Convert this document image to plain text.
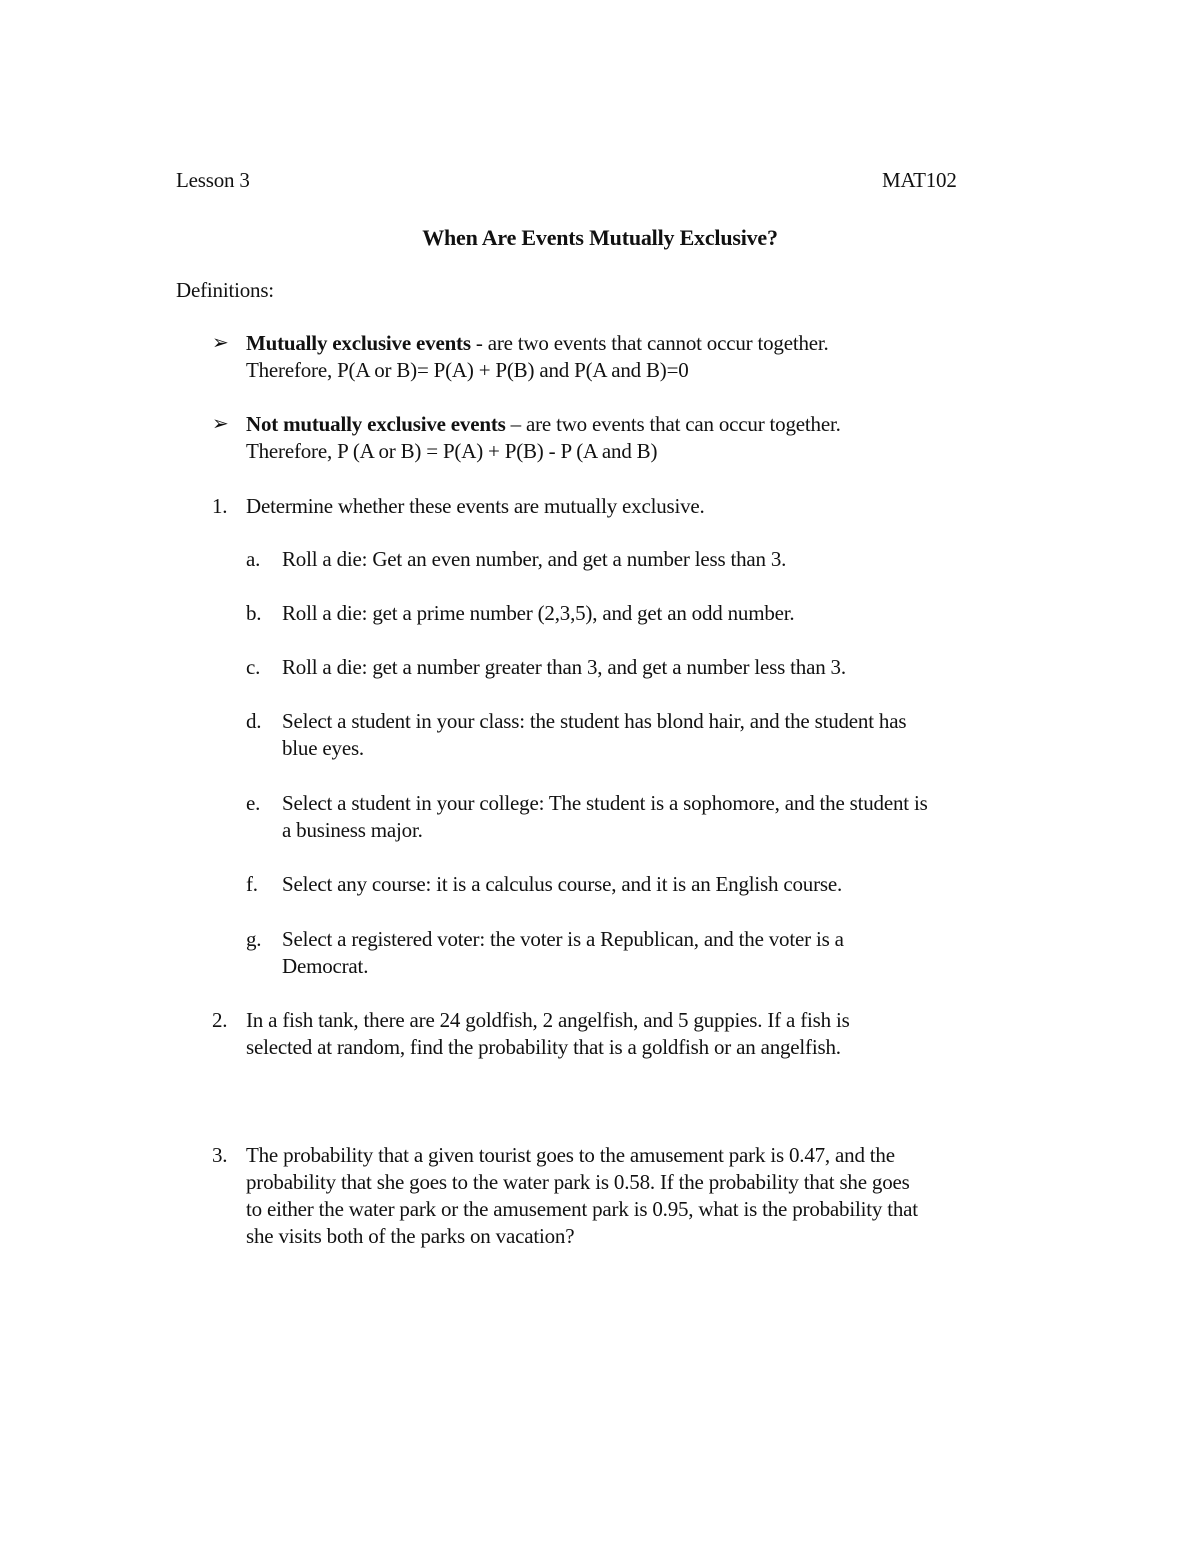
Lesson 3	MAT102
When Are Events Mutually Exclusive?
Definitions:
➢ Mutually exclusive events - are two events that cannot occur together.
Therefore, P(A or B)= P(A) + P(B) and P(A and B)=0
➢ Not mutually exclusive events – are two events that can occur together.
Therefore, P (A or B) = P(A) + P(B) - P (A and B)
1. Determine whether these events are mutually exclusive.
a. Roll a die: Get an even number, and get a number less than 3.
b. Roll a die: get a prime number (2,3,5), and get an odd number.
c. Roll a die: get a number greater than 3, and get a number less than 3.
d. Select a student in your class: the student has blond hair, and the student has
blue eyes.
e. Select a student in your college: The student is a sophomore, and the student is
a business major.
f. Select any course: it is a calculus course, and it is an English course.
g. Select a registered voter: the voter is a Republican, and the voter is a
Democrat.
2. In a fish tank, there are 24 goldfish, 2 angelfish, and 5 guppies. If a fish is
selected at random, find the probability that is a goldfish or an angelfish.
3. The probability that a given tourist goes to the amusement park is 0.47, and the
probability that she goes to the water park is 0.58. If the probability that she goes
to either the water park or the amusement park is 0.95, what is the probability that
she visits both of the parks on vacation?
